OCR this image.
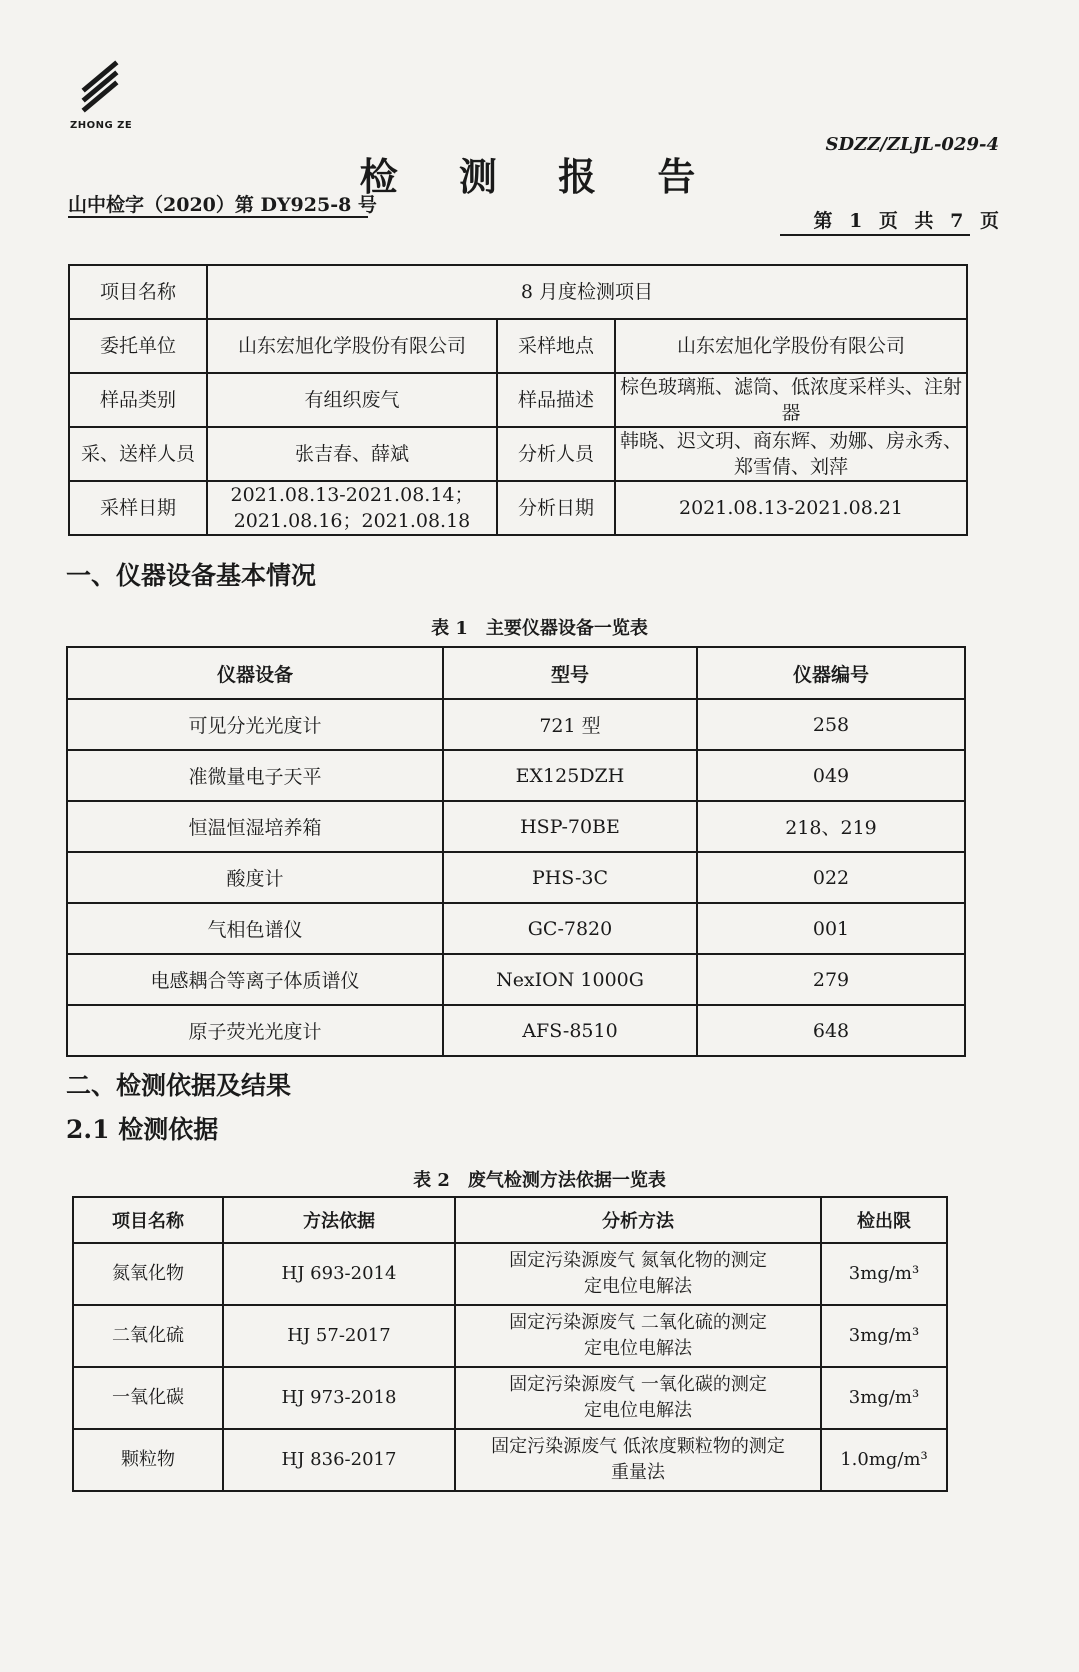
ZHONG ZE
SDZZ/ZLJL-029-4
检 测 报 告
山中检字（2020）第 DY925-8 号
第 1 页 共 7 页
项目名称	8 月度检测项目		
委托单位	山东宏旭化学股份有限公司	采样地点	山东宏旭化学股份有限公司
样品类别	有组织废气	样品描述	棕色玻璃瓶、滤筒、低浓度采样头、注射器
采、送样人员	张吉春、薛斌	分析人员	韩晓、迟文玥、商东辉、劝娜、房永秀、郑雪倩、刘萍
采样日期	2021.08.13-2021.08.14；
2021.08.16；2021.08.18	分析日期	2021.08.13-2021.08.21
一、仪器设备基本情况
表 1　主要仪器设备一览表
仪器设备	型号	仪器编号
可见分光光度计	721 型	258
准微量电子天平	EX125DZH	049
恒温恒湿培养箱	HSP-70BE	218、219
酸度计	PHS-3C	022
气相色谱仪	GC-7820	001
电感耦合等离子体质谱仪	NexION 1000G	279
原子荧光光度计	AFS-8510	648
二、检测依据及结果
2.1 检测依据
表 2　废气检测方法依据一览表
项目名称	方法依据	分析方法	检出限
氮氧化物	HJ 693-2014	固定污染源废气 氮氧化物的测定
定电位电解法	3mg/m³
二氧化硫	HJ 57-2017	固定污染源废气 二氧化硫的测定
定电位电解法	3mg/m³
一氧化碳	HJ 973-2018	固定污染源废气 一氧化碳的测定
定电位电解法	3mg/m³
颗粒物	HJ 836-2017	固定污染源废气 低浓度颗粒物的测定
重量法	1.0mg/m³
